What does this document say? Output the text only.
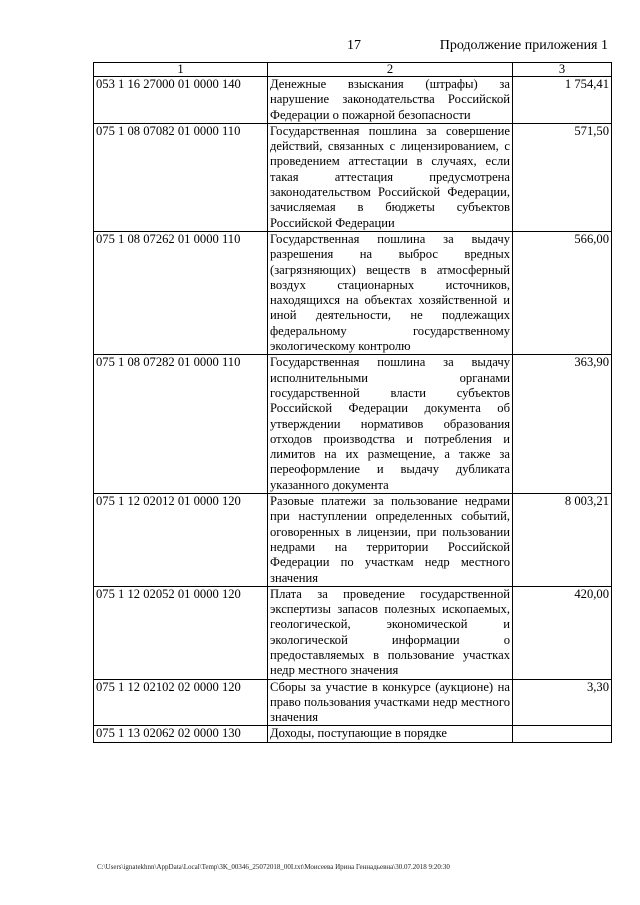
17	Продолжение приложения 1
1	2	3
053 1 16 27000 01 0000 140	Денежные взыскания (штрафы) за нарушение законодательства Российской Федерации о пожарной безопасности	1 754,41
075 1 08 07082 01 0000 110	Государственная пошлина за совершение действий, связанных с лицензированием, с проведением аттестации в случаях, если такая аттестация предусмотрена законодательством Российской Федерации, зачисляемая в бюджеты субъектов Российской Федерации	571,50
075 1 08 07262 01 0000 110	Государственная пошлина за выдачу разрешения на выброс вредных (загрязняющих) веществ в атмосферный воздух стационарных источников, находящихся на объектах хозяйственной и иной деятельности, не подлежащих федеральному государственному экологическому контролю	566,00
075 1 08 07282 01 0000 110	Государственная пошлина за выдачу исполнительными органами государственной власти субъектов Российской Федерации документа об утверждении нормативов образования отходов производства и потребления и лимитов на их размещение, а также за переоформление и выдачу дубликата указанного документа	363,90
075 1 12 02012 01 0000 120	Разовые платежи за пользование недрами при наступлении определенных событий, оговоренных в лицензии, при пользовании недрами на территории Российской Федерации по участкам недр местного значения	8 003,21
075 1 12 02052 01 0000 120	Плата за проведение государственной экспертизы запасов полезных ископаемых, геологической, экономической и экологической информации о предоставляемых в пользование участках недр местного значения	420,00
075 1 12 02102 02 0000 120	Сборы за участие в конкурсе (аукционе) на право пользования участками недр местного значения	3,30
075 1 13 02062 02 0000 130	Доходы, поступающие в порядке	
C:\Users\ignatekhnn\AppData\Local\Temp\3K_00346_25072018_00I.txt\Моисеева Ирина Геннадьевна\30.07.2018 9:20:30
